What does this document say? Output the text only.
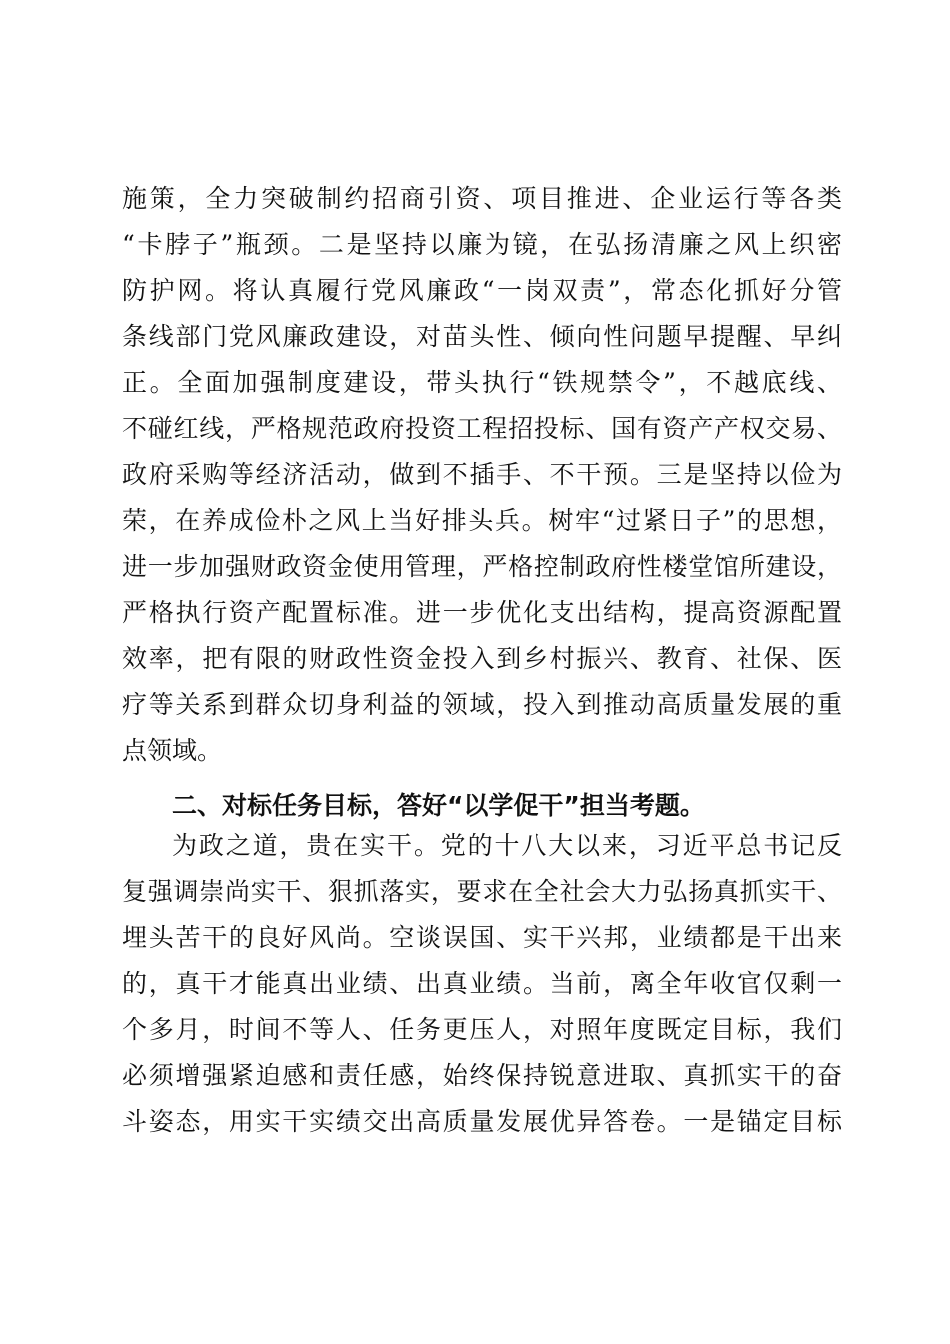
施策，全力突破制约招商引资、项目推进、企业运行等各类
“卡脖子”瓶颈。二是坚持以廉为镜，在弘扬清廉之风上织密
防护网。将认真履行党风廉政“一岗双责”，常态化抓好分管
条线部门党风廉政建设，对苗头性、倾向性问题早提醒、早纠
正。全面加强制度建设，带头执行“铁规禁令”，不越底线、
不碰红线，严格规范政府投资工程招投标、国有资产产权交易、
政府采购等经济活动，做到不插手、不干预。三是坚持以俭为
荣，在养成俭朴之风上当好排头兵。树牢“过紧日子”的思想，
进一步加强财政资金使用管理，严格控制政府性楼堂馆所建设，
严格执行资产配置标准。进一步优化支出结构，提高资源配置
效率，把有限的财政性资金投入到乡村振兴、教育、社保、医
疗等关系到群众切身利益的领域，投入到推动高质量发展的重
点领域。
二、对标任务目标，答好“以学促干”担当考题。
为政之道，贵在实干。党的十八大以来，习近平总书记反
复强调崇尚实干、狠抓落实，要求在全社会大力弘扬真抓实干、
埋头苦干的良好风尚。空谈误国、实干兴邦，业绩都是干出来
的，真干才能真出业绩、出真业绩。当前，离全年收官仅剩一
个多月，时间不等人、任务更压人，对照年度既定目标，我们
必须增强紧迫感和责任感，始终保持锐意进取、真抓实干的奋
斗姿态，用实干实绩交出高质量发展优异答卷。一是锚定目标
